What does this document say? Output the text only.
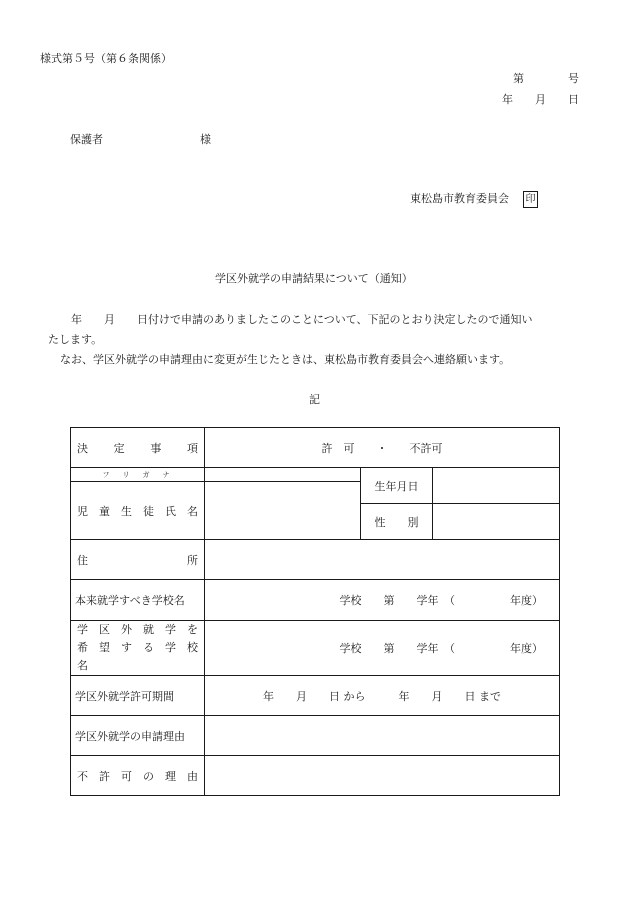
様式第５号（第６条関係）
第　　　　号
年　　月　　日
保護者	様
東松島市教育委員会 印
学区外就学の申請結果について（通知）
年　　月　　日付けで申請のありましたこのことについて、下記のとおり決定したので通知い
たします。
なお、学区外就学の申請理由に変更が生じたときは、東松島市教育委員会へ連絡願います。
記
決　定　事　項	許　可　　・　　不許可		
フ　リ　ガ　ナ		生年月日	
児　童　生　徒　氏　名			
		性　　別	
住　　　　　　　所			
本来就学すべき学校名	学校　　第　　学年　（　　　　　年度）		

学　区　外　就　学　を
希　望　す　る　学　校　名	学校　　第　　学年　（　　　　　年度）		
学区外就学許可期間	年　　月　　日 から　　　年　　月　　日 まで		
学区外就学の申請理由			
不　許　可　の　理　由			
